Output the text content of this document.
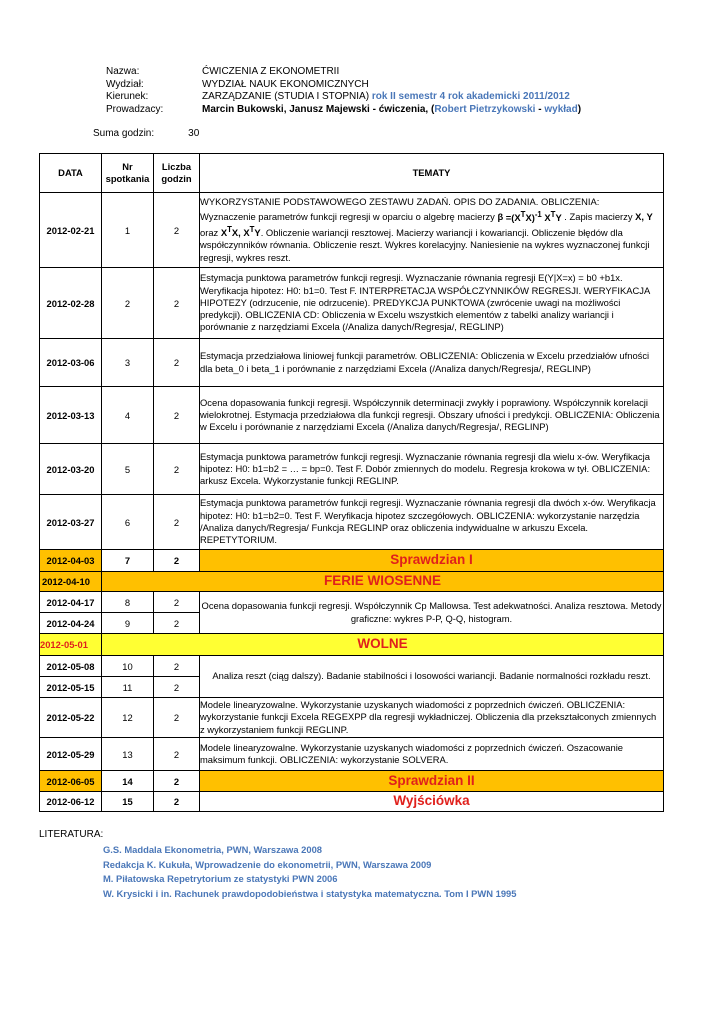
Nazwa:	ĆWICZENIA Z EKONOMETRII
Wydział:	WYDZIAŁ NAUK EKONOMICZNYCH
Kierunek:	ZARZĄDZANIE (STUDIA I STOPNIA) rok II semestr 4 rok akademicki 2011/2012
Prowadzacy:	Marcin Bukowski, Janusz Majewski - ćwiczenia, (Robert Pietrzykowski - wykład)
Suma godzin:	30
DATA	Nr spotkania	Liczba godzin	TEMATY
2012-02-21	1	2	WYKORZYSTANIE PODSTAWOWEGO ZESTAWU ZADAŃ. OPIS DO ZADANIA. OBLICZENIA:
Wyznaczenie parametrów funkcji regresji w oparciu o algebrę macierzy $\beta =(X^TX)^{-1}$ $X^TY$ . Zapis macierzy X, Y oraz $X^TX$, $X^TY$. Obliczenie wariancji resztowej. Macierzy wariancji i kowariancji. Obliczenie błędów dla współczynników równania. Obliczenie reszt. Wykres korelacyjny. Naniesienie na wykres wyznaczonej funkcji regresji, wykres reszt.
2012-02-28	2	2	Estymacja punktowa parametrów funkcji regresji. Wyznaczanie równania regresji E(Y|X=x) = b0 +b1x. Weryfikacja hipotez: H0: b1=0. Test F. INTERPRETACJA WSPÓŁCZYNNIKÓW REGRESJI. WERYFIKACJA HIPOTEZY (odrzucenie, nie odrzucenie). PREDYKCJA PUNKTOWA (zwrócenie uwagi na możliwości predykcji). OBLICZENIA CD: Obliczenia w Excelu wszystkich elementów z tabelki analizy wariancji i porównanie z narzędziami Excela (/Analiza danych/Regresja/, REGLINP)
2012-03-06	3	2	Estymacja przedziałowa liniowej funkcji parametrów. OBLICZENIA: Obliczenia w Excelu przedziałów ufności dla beta_0 i beta_1 i porównanie z narzędziami Excela (/Analiza danych/Regresja/, REGLINP)
2012-03-13	4	2	Ocena dopasowania funkcji regresji. Współczynnik determinacji zwykły i poprawiony. Współczynnik korelacji wielokrotnej. Estymacja przedziałowa dla funkcji regresji. Obszary ufności i predykcji. OBLICZENIA: Obliczenia w Excelu i porównanie z narzędziami Excela (/Analiza danych/Regresja/, REGLINP)
2012-03-20	5	2	Estymacja punktowa parametrów funkcji regresji. Wyznaczanie równania regresji dla wielu x-ów. Weryfikacja hipotez: H0: b1=b2 = … = bp=0. Test F. Dobór zmiennych do modelu. Regresja krokowa w tył. OBLICZENIA: arkusz Excela. Wykorzystanie funkcji REGLINP.
2012-03-27	6	2	Estymacja punktowa parametrów funkcji regresji. Wyznaczanie równania regresji dla dwóch x-ów. Weryfikacja hipotez: H0: b1=b2=0. Test F. Weryfikacja hipotez szczegółowych. OBLICZENIA: wykorzystanie narzędzia /Analiza danych/Regresja/ Funkcja REGLINP oraz obliczenia indywidualne w arkuszu Excela. REPETYTORIUM.
2012-04-03	7	2	Sprawdzian I
2012-04-10	FERIE WIOSENNE		
2012-04-17	8	2	Ocena dopasowania funkcji regresji. Współczynnik Cp Mallowsa. Test adekwatności. Analiza resztowa. Metody graficzne: wykres P-P, Q-Q, histogram.
2012-04-24	9	2	
2012-05-01	WOLNE		
2012-05-08	10	2	Analiza reszt (ciąg dalszy). Badanie stabilności i losowości wariancji. Badanie normalności rozkładu reszt.
2012-05-15	11	2	
2012-05-22	12	2	Modele linearyzowalne. Wykorzystanie uzyskanych wiadomości z poprzednich ćwiczeń. OBLICZENIA: wykorzystanie funkcji Excela REGEXPP dla regresji wykładniczej. Obliczenia dla przekształconych zmiennych z wykorzystaniem funkcji REGLINP.
2012-05-29	13	2	Modele linearyzowalne. Wykorzystanie uzyskanych wiadomości z poprzednich ćwiczeń. Oszacowanie maksimum funkcji. OBLICZENIA: wykorzystanie SOLVERA.
2012-06-05	14	2	Sprawdzian II
2012-06-12	15	2	Wyjściówka
LITERATURA:
G.S. Maddala Ekonometria, PWN, Warszawa 2008
Redakcja K. Kukuła, Wprowadzenie do ekonometrii, PWN, Warszawa 2009
M. Piłatowska Repetrytorium ze statystyki PWN 2006
W. Krysicki i in. Rachunek prawdopodobieństwa i statystyka matematyczna. Tom I PWN 1995
